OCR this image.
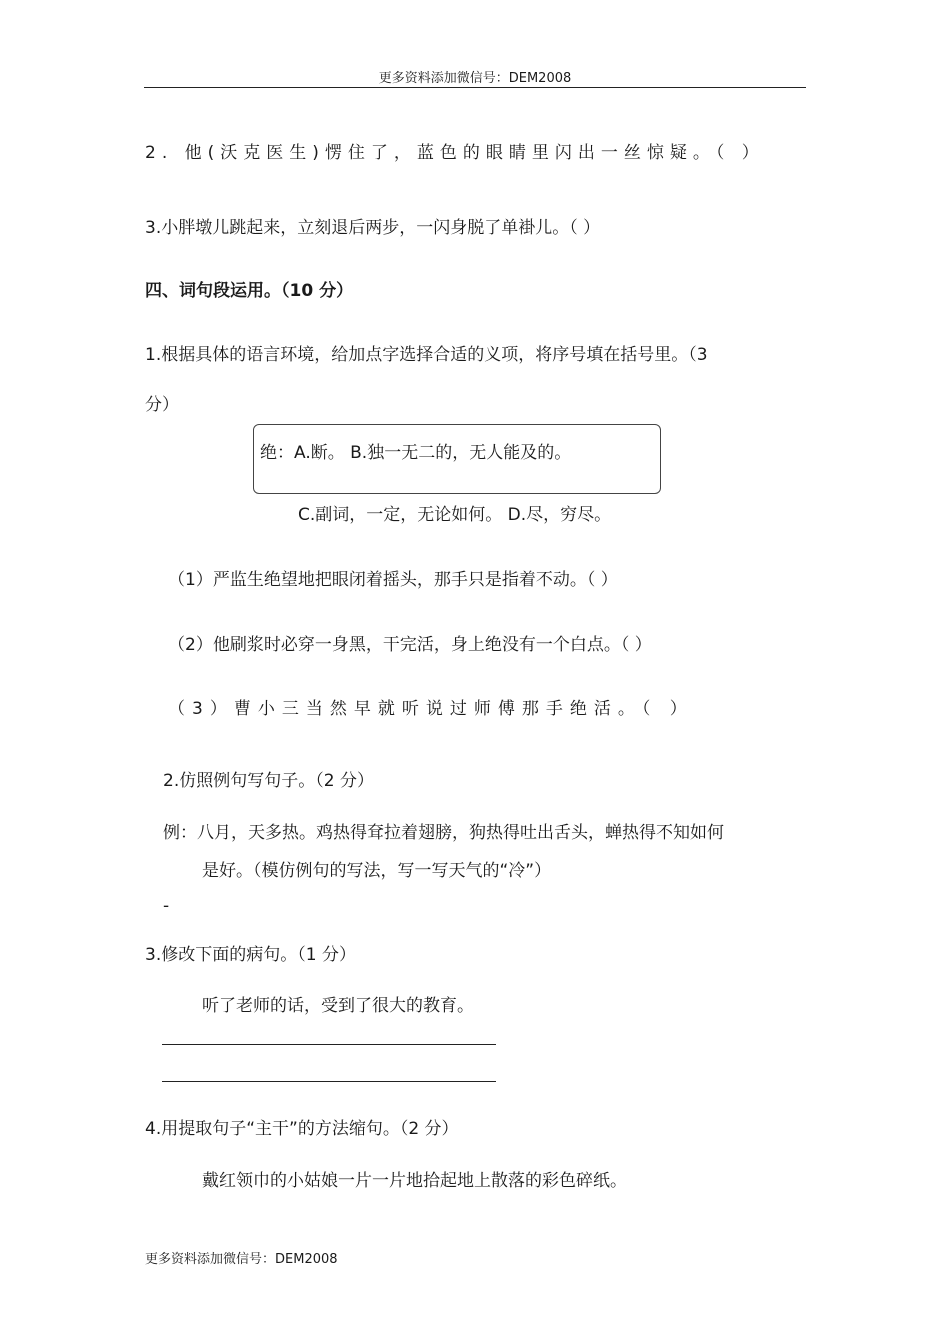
更多资料添加微信号：DEM2008
2. 他(沃克医生)愣住了，蓝色的眼睛里闪出一丝惊疑。（ ）
3.小胖墩儿跳起来，立刻退后两步，一闪身脱了单褂儿。（ ）
四、词句段运用。（10 分）
1.根据具体的语言环境，给加点字选择合适的义项，将序号填在括号里。（3
分）
绝：A.断。 B.独一无二的，无人能及的。
C.副词，一定，无论如何。 D.尽，穷尽。
（1）严监生绝望地把眼闭着摇头，那手只是指着不动。（ ）
（2）他刷浆时必穿一身黑，干完活，身上绝没有一个白点。（ ）
（3）曹小三当然早就听说过师傅那手绝活。（ ）
2.仿照例句写句子。（2 分）
例：八月，天多热。鸡热得耷拉着翅膀，狗热得吐出舌头，蝉热得不知如何
是好。（模仿例句的写法，写一写天气的“冷”）
-
3.修改下面的病句。（1 分）
听了老师的话，受到了很大的教育。
4.用提取句子“主干”的方法缩句。（2 分）
戴红领巾的小姑娘一片一片地拾起地上散落的彩色碎纸。
更多资料添加微信号：DEM2008
